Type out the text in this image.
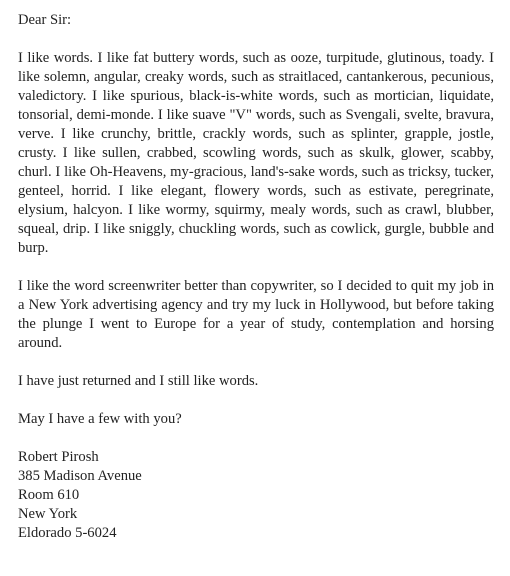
Dear Sir:

I like words. I like fat buttery words, such as ooze, turpitude, glutinous, toady. I like solemn, angular, creaky words, such as straitlaced, cantankerous, pecunious, valedictory. I like spurious, black-is-white words, such as mortician, liquidate, tonsorial, demi-monde. I like suave "V" words, such as Svengali, svelte, bravura, verve. I like crunchy, brittle, crackly words, such as splinter, grapple, jostle, crusty. I like sullen, crabbed, scowling words, such as skulk, glower, scabby, churl. I like Oh-Heavens, my-gracious, land's-sake words, such as tricksy, tucker, genteel, horrid. I like elegant, flowery words, such as estivate, peregrinate, elysium, halcyon. I like wormy, squirmy, mealy words, such as crawl, blubber, squeal, drip. I like sniggly, chuckling words, such as cowlick, gurgle, bubble and burp.

I like the word screenwriter better than copywriter, so I decided to quit my job in a New York advertising agency and try my luck in Hollywood, but before taking the plunge I went to Europe for a year of study, contemplation and horsing around.

I have just returned and I still like words.

May I have a few with you?

Robert Pirosh
385 Madison Avenue
Room 610
New York
Eldorado 5-6024
